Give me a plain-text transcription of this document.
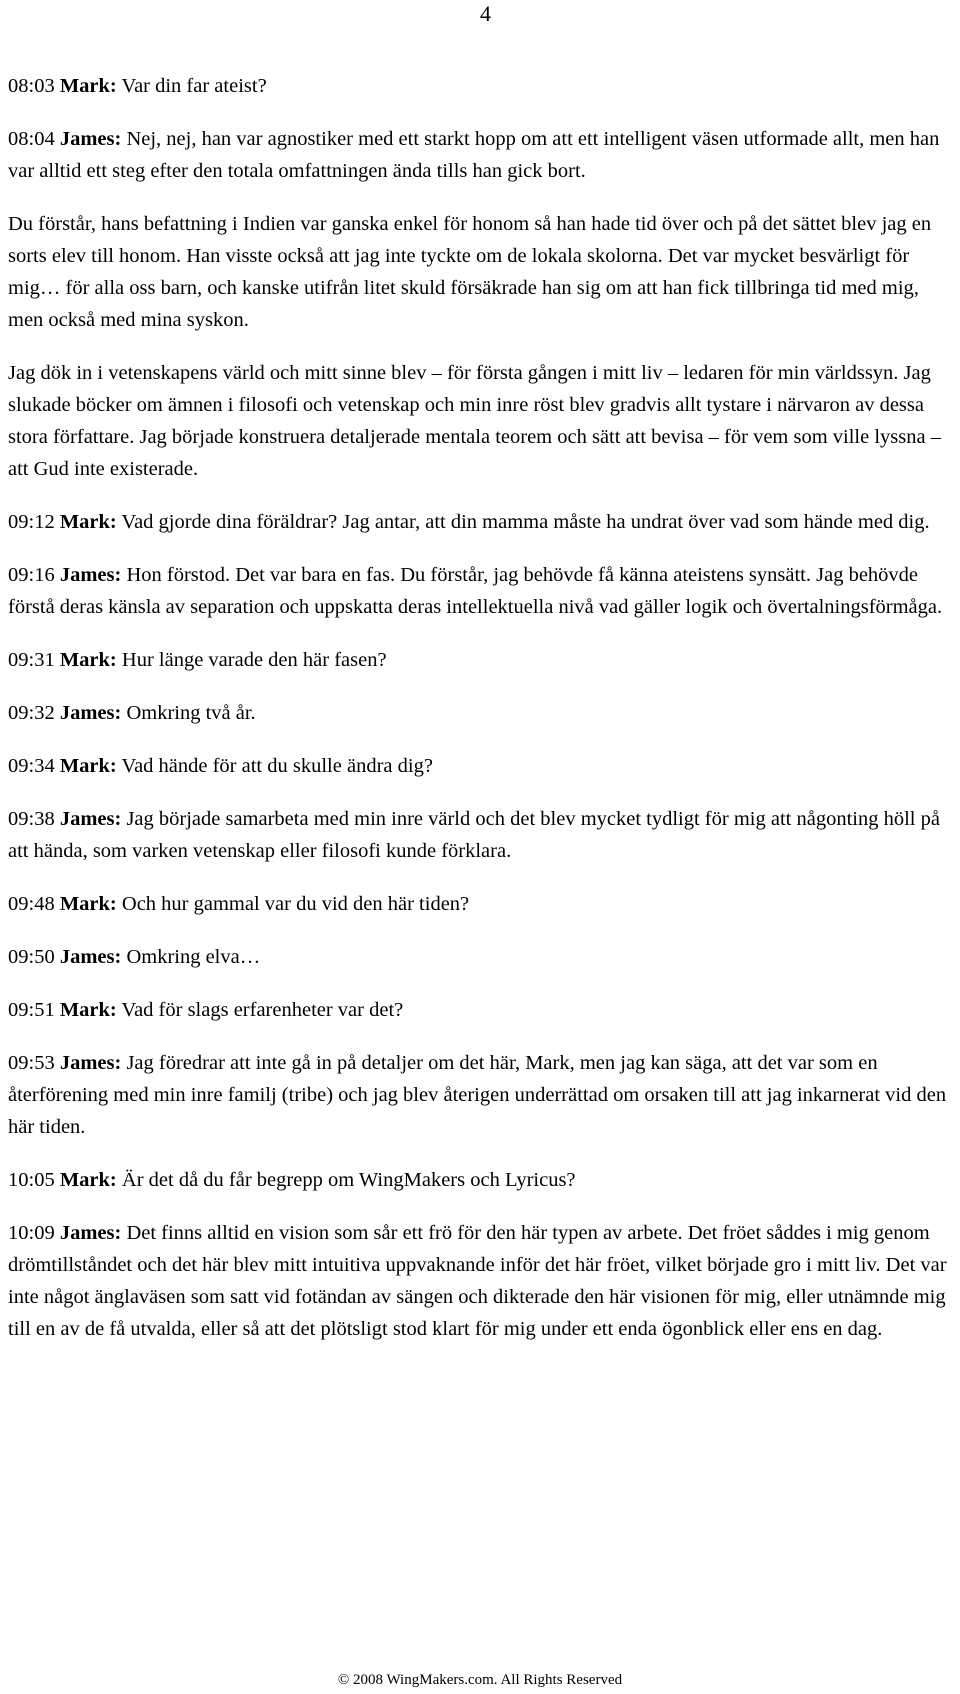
4

08:03 Mark: Var din far ateist?

08:04 James: Nej, nej, han var agnostiker med ett starkt hopp om att ett intelligent väsen utformade allt, men han var alltid ett steg efter den totala omfattningen ända tills han gick bort.

Du förstår, hans befattning i Indien var ganska enkel för honom så han hade tid över och på det sättet blev jag en sorts elev till honom. Han visste också att jag inte tyckte om de lokala skolorna. Det var mycket besvärligt för mig… för alla oss barn, och kanske utifrån litet skuld försäkrade han sig om att han fick tillbringa tid med mig, men också med mina syskon.

Jag dök in i vetenskapens värld och mitt sinne blev – för första gången i mitt liv – ledaren för min världssyn. Jag slukade böcker om ämnen i filosofi och vetenskap och min inre röst blev gradvis allt tystare i närvaron av dessa stora författare. Jag började konstruera detaljerade mentala teorem och sätt att bevisa – för vem som ville lyssna – att Gud inte existerade.

09:12 Mark: Vad gjorde dina föräldrar? Jag antar, att din mamma måste ha undrat över vad som hände med dig.

09:16 James: Hon förstod. Det var bara en fas. Du förstår, jag behövde få känna ateistens synsätt. Jag behövde förstå deras känsla av separation och uppskatta deras intellektuella nivå vad gäller logik och övertalningsförmåga.

09:31 Mark: Hur länge varade den här fasen?

09:32 James: Omkring två år.

09:34 Mark: Vad hände för att du skulle ändra dig?

09:38 James: Jag började samarbeta med min inre värld och det blev mycket tydligt för mig att någonting höll på att hända, som varken vetenskap eller filosofi kunde förklara.

09:48 Mark: Och hur gammal var du vid den här tiden?

09:50 James: Omkring elva…

09:51 Mark: Vad för slags erfarenheter var det?

09:53 James: Jag föredrar att inte gå in på detaljer om det här, Mark, men jag kan säga, att det var som en återförening med min inre familj (tribe) och jag blev återigen underrättad om orsaken till att jag inkarnerat vid den här tiden.

10:05 Mark: Är det då du får begrepp om WingMakers och Lyricus?

10:09 James: Det finns alltid en vision som sår ett frö för den här typen av arbete. Det fröet såddes i mig genom drömtillståndet och det här blev mitt intuitiva uppvaknande inför det här fröet, vilket började gro i mitt liv. Det var inte något änglaväsen som satt vid fotändan av sängen och dikterade den här visionen för mig, eller utnämnde mig till en av de få utvalda, eller så att det plötsligt stod klart för mig under ett enda ögonblick eller ens en dag.

© 2008 WingMakers.com. All Rights Reserved
